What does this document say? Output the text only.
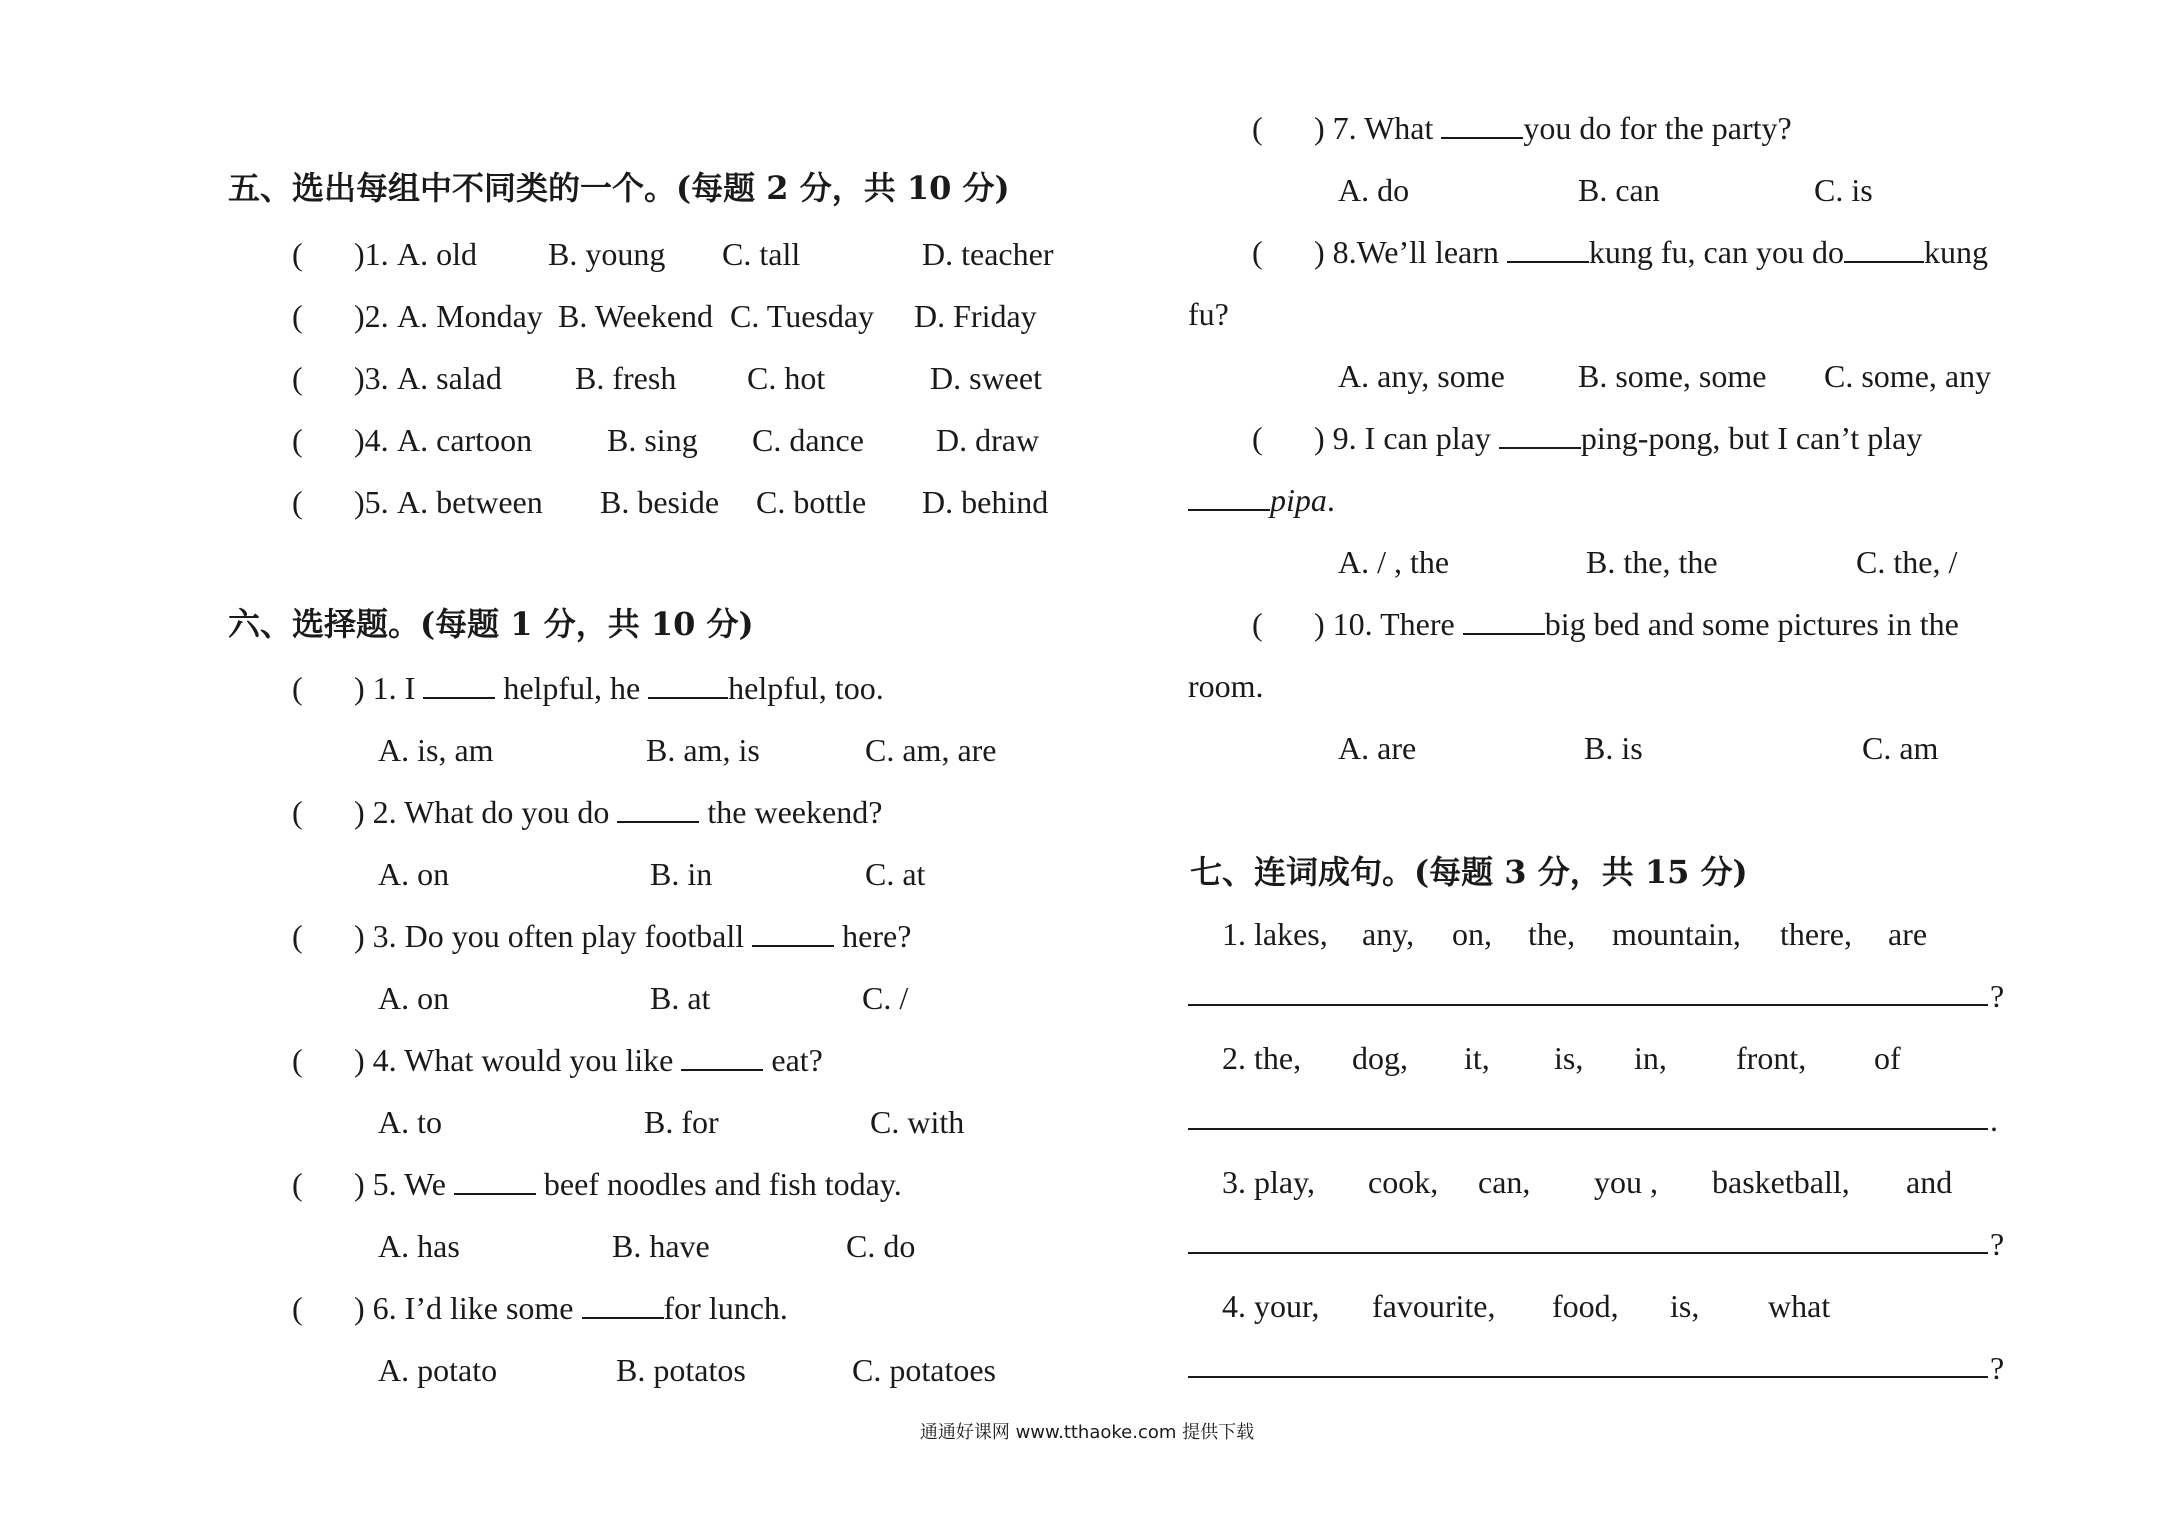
五、选出每组中不同类的一个。(每题 2 分，共 10 分)
( )1. A. old B. young C. tall	D. teacher
( )2. A. Monday B. Weekend C. Tuesday D. Friday
( )3. A. salad B. fresh C. hot	D. sweet
( )4. A. cartoon B. sing C. dance D. draw
( )5. A. between B. beside C. bottle D. behind
六、选择题。(每题 1 分，共 10 分)
( ) 1. I	helpful, he	helpful, too.
A. is, am	B. am, is	C. am, are
( ) 2. What do you do	the weekend?
A. on	B. in	C. at
( ) 3. Do you often play football	here?
A. on	B. at	C. /
( ) 4. What would you like	eat?
A. to	B. for	C. with
( ) 5. We	beef noodles and fish today.
A. has	B. have	C. do
( ) 6. I’d like some	for lunch.
A. potato	B. potatos	C. potatoes
( ) 7. What	you do for the party?
A. do	B. can	C. is
( ) 8.We’ll learn	kung fu, can you do	kung
fu?
A. any, some B. some, some C. some, any
( ) 9. I can play	ping-pong, but I can’t play
pipa.
A. / , the	B. the, the	C. the, /
( ) 10. There	big bed and some pictures in the
room.
A. are	B. is	C. am
七、连词成句。(每题 3 分，共 15 分)
1. lakes, any, on, the, mountain, there, are
?
2. the, dog, it, is, in, front, of
.
3. play, cook, can, you , basketball, and
?
4. your, favourite, food, is, what
?
通通好课网 www.tthaoke.com 提供下载
